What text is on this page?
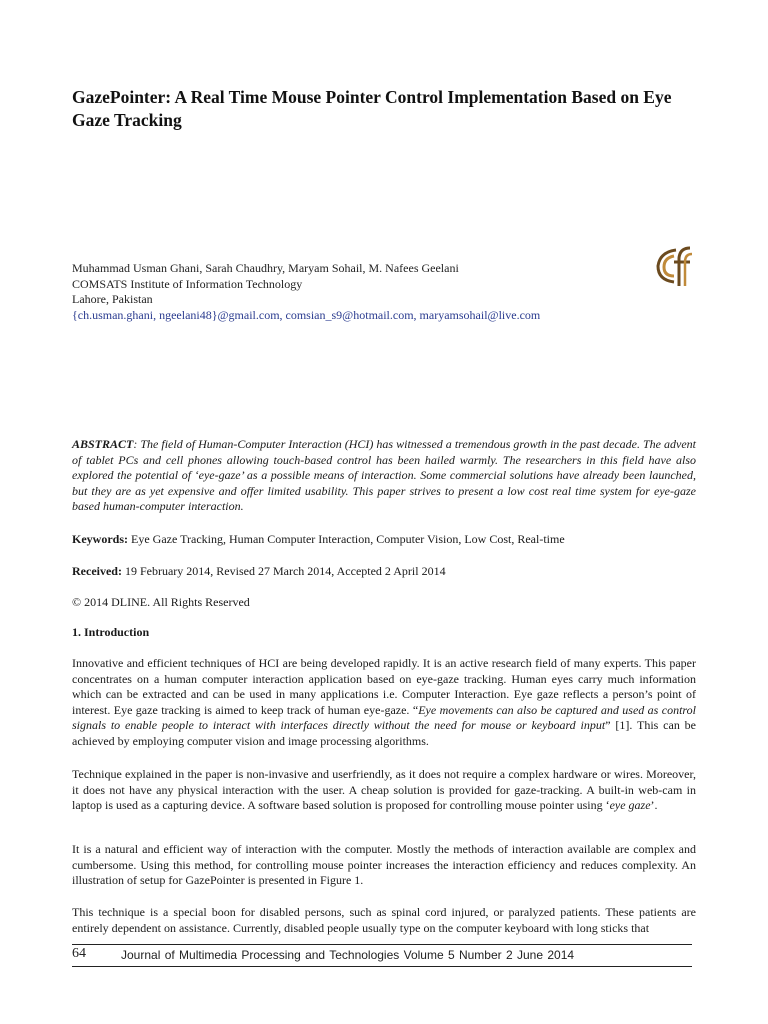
GazePointer: A Real Time Mouse Pointer Control Implementation Based on Eye Gaze Tracking
Muhammad Usman Ghani, Sarah Chaudhry, Maryam Sohail, M. Nafees Geelani
COMSATS Institute of Information Technology
Lahore, Pakistan
{ch.usman.ghani, ngeelani48}@gmail.com, comsian_s9@hotmail.com, maryamsohail@live.com
ABSTRACT: The field of Human-Computer Interaction (HCI) has witnessed a tremendous growth in the past decade. The advent of tablet PCs and cell phones allowing touch-based control has been hailed warmly. The researchers in this field have also explored the potential of ‘eye-gaze’ as a possible means of interaction. Some commercial solutions have already been launched, but they are as yet expensive and offer limited usability. This paper strives to present a low cost real time system for eye-gaze based human-computer interaction.
Keywords: Eye Gaze Tracking, Human Computer Interaction, Computer Vision, Low Cost, Real-time
Received: 19 February 2014, Revised 27 March 2014, Accepted 2 April 2014
© 2014 DLINE. All Rights Reserved
1. Introduction
Innovative and efficient techniques of HCI are being developed rapidly. It is an active research field of many experts. This paper concentrates on a human computer interaction application based on eye-gaze tracking. Human eyes carry much information which can be extracted and can be used in many applications i.e. Computer Interaction. Eye gaze reflects a person’s point of interest. Eye gaze tracking is aimed to keep track of human eye-gaze. “Eye movements can also be captured and used as control signals to enable people to interact with interfaces directly without the need for mouse or keyboard input” [1]. This can be achieved by employing computer vision and image processing algorithms.
Technique explained in the paper is non-invasive and userfriendly, as it does not require a complex hardware or wires. Moreover, it does not have any physical interaction with the user. A cheap solution is provided for gaze-tracking. A built-in web-cam in laptop is used as a capturing device. A software based solution is proposed for controlling mouse pointer using ‘eye gaze’.
It is a natural and efficient way of interaction with the computer. Mostly the methods of interaction available are complex and cumbersome. Using this method, for controlling mouse pointer increases the interaction efficiency and reduces complexity. An illustration of setup for GazePointer is presented in Figure 1.
This technique is a special boon for disabled persons, such as spinal cord injured, or paralyzed patients. These patients are entirely dependent on assistance. Currently, disabled people usually type on the computer keyboard with long sticks that
64	Journal of Multimedia Processing and Technologies Volume 5 Number 2 June 2014
